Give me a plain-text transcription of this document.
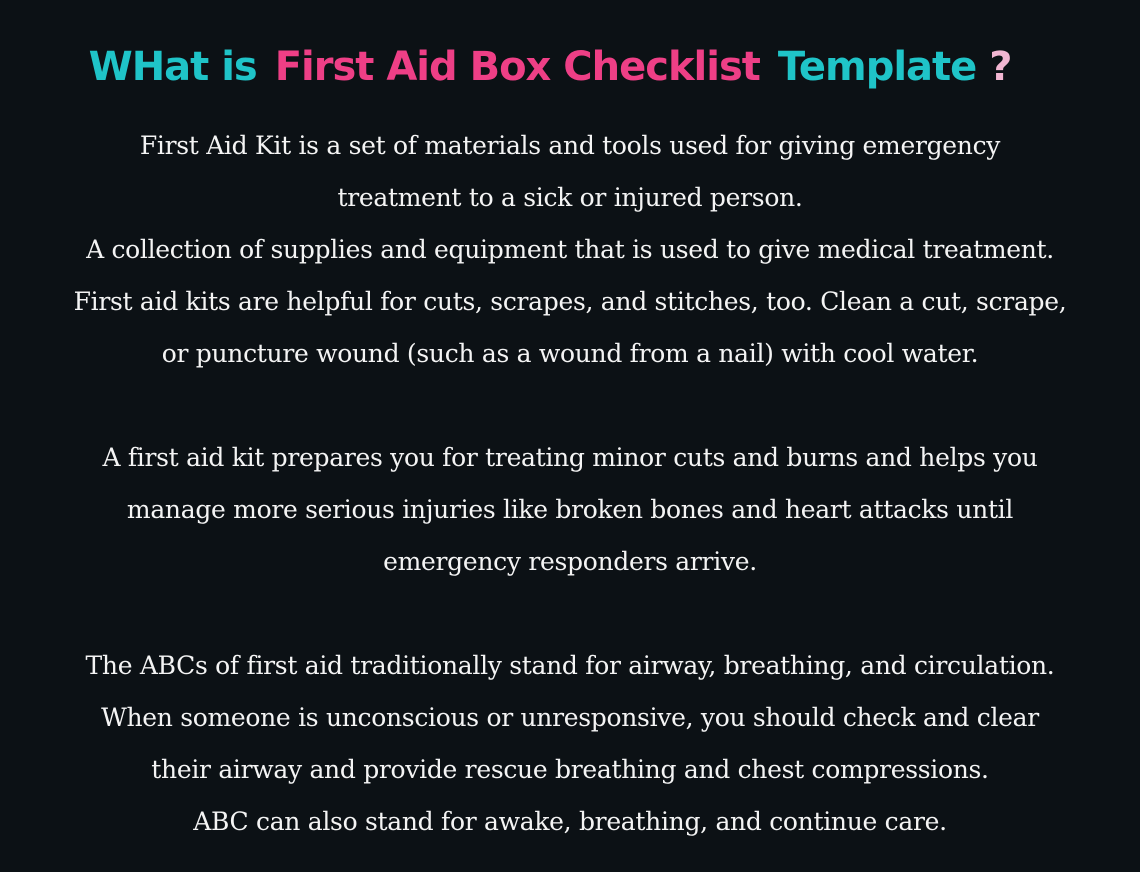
WHat is First Aid Box Checklist Template ?
First Aid Kit is a set of materials and tools used for giving emergency
treatment to a sick or injured person.
A collection of supplies and equipment that is used to give medical treatment.
First aid kits are helpful for cuts, scrapes, and stitches, too. Clean a cut, scrape,
or puncture wound (such as a wound from a nail) with cool water.
A first aid kit prepares you for treating minor cuts and burns and helps you
manage more serious injuries like broken bones and heart attacks until
emergency responders arrive.
The ABCs of first aid traditionally stand for airway, breathing, and circulation.
When someone is unconscious or unresponsive, you should check and clear
their airway and provide rescue breathing and chest compressions.
ABC can also stand for awake, breathing, and continue care.
